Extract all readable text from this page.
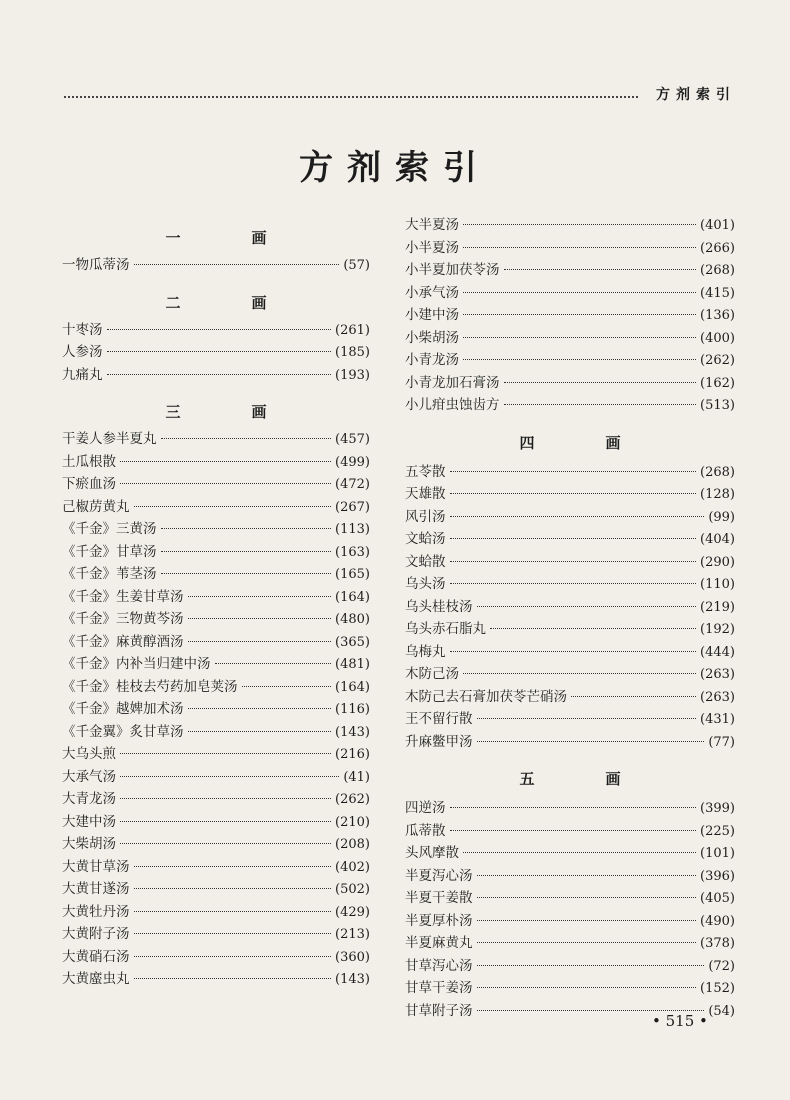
方剂索引
方剂索引
一　画
一物瓜蒂汤	(57)
二　画
十枣汤	(261)
人参汤	(185)
九痛丸	(193)
三　画
干姜人参半夏丸	(457)
土瓜根散	(499)
下瘀血汤	(472)
己椒苈黄丸	(267)
《千金》三黄汤	(113)
《千金》甘草汤	(163)
《千金》苇茎汤	(165)
《千金》生姜甘草汤	(164)
《千金》三物黄芩汤	(480)
《千金》麻黄醇酒汤	(365)
《千金》内补当归建中汤	(481)
《千金》桂枝去芍药加皂荚汤	(164)
《千金》越婢加术汤	(116)
《千金翼》炙甘草汤	(143)
大乌头煎	(216)
大承气汤	(41)
大青龙汤	(262)
大建中汤	(210)
大柴胡汤	(208)
大黄甘草汤	(402)
大黄甘遂汤	(502)
大黄牡丹汤	(429)
大黄附子汤	(213)
大黄硝石汤	(360)
大黄䗪虫丸	(143)
大半夏汤	(401)
小半夏汤	(266)
小半夏加茯苓汤	(268)
小承气汤	(415)
小建中汤	(136)
小柴胡汤	(400)
小青龙汤	(262)
小青龙加石膏汤	(162)
小儿疳虫蚀齿方	(513)
四　画
五苓散	(268)
天雄散	(128)
风引汤	(99)
文蛤汤	(404)
文蛤散	(290)
乌头汤	(110)
乌头桂枝汤	(219)
乌头赤石脂丸	(192)
乌梅丸	(444)
木防己汤	(263)
木防己去石膏加茯苓芒硝汤	(263)
王不留行散	(431)
升麻鳖甲汤	(77)
五　画
四逆汤	(399)
瓜蒂散	(225)
头风摩散	(101)
半夏泻心汤	(396)
半夏干姜散	(405)
半夏厚朴汤	(490)
半夏麻黄丸	(378)
甘草泻心汤	(72)
甘草干姜汤	(152)
甘草附子汤	(54)
• 515 •
